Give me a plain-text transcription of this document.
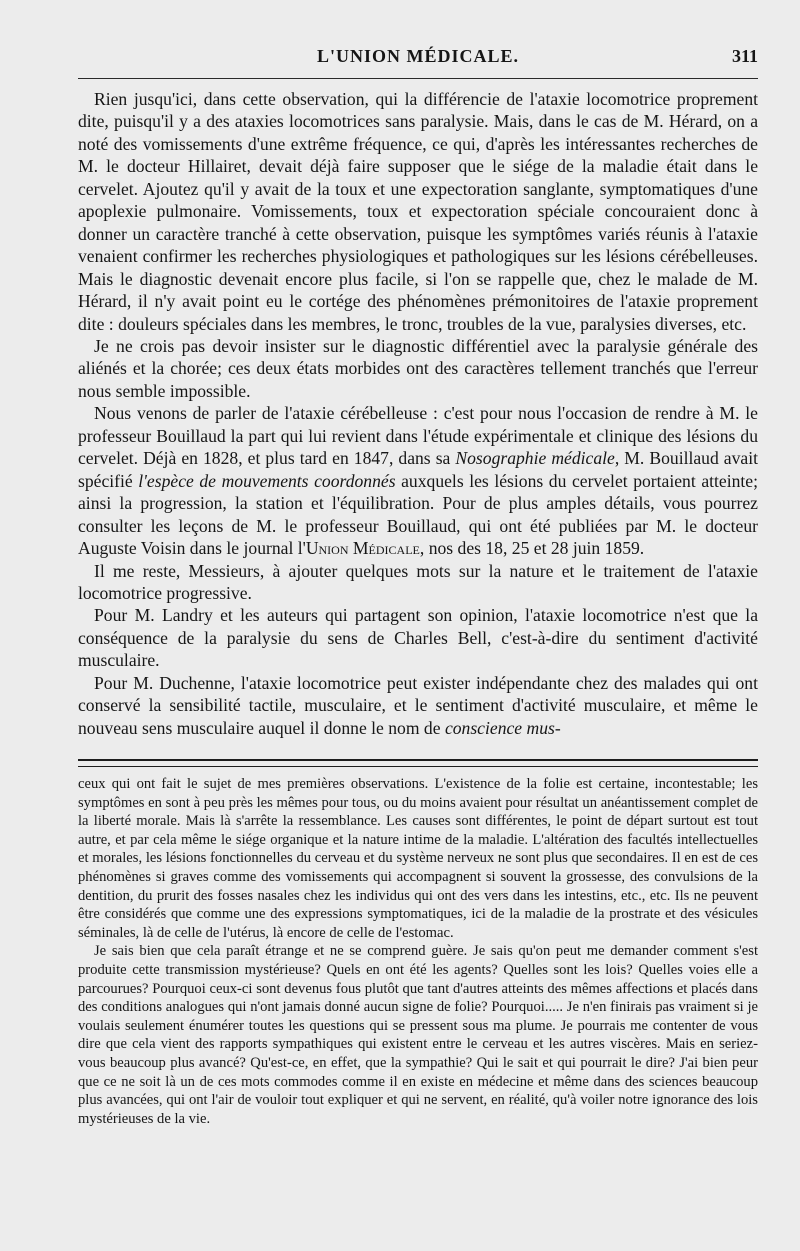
L'UNION MÉDICALE.	311

Rien jusqu'ici, dans cette observation, qui la différencie de l'ataxie locomotrice proprement dite, puisqu'il y a des ataxies locomotrices sans paralysie. Mais, dans le cas de M. Hérard, on a noté des vomissements d'une extrême fréquence, ce qui, d'après les intéressantes recherches de M. le docteur Hillairet, devait déjà faire supposer que le siége de la maladie était dans le cervelet. Ajoutez qu'il y avait de la toux et une expectoration sanglante, symptomatiques d'une apoplexie pulmonaire. Vomissements, toux et expectoration spéciale concouraient donc à donner un caractère tranché à cette observation, puisque les symptômes variés réunis à l'ataxie venaient confirmer les recherches physiologiques et pathologiques sur les lésions cérébelleuses. Mais le diagnostic devenait encore plus facile, si l'on se rappelle que, chez le malade de M. Hérard, il n'y avait point eu le cortége des phénomènes prémonitoires de l'ataxie proprement dite : douleurs spéciales dans les membres, le tronc, troubles de la vue, paralysies diverses, etc.

Je ne crois pas devoir insister sur le diagnostic différentiel avec la paralysie générale des aliénés et la chorée; ces deux états morbides ont des caractères tellement tranchés que l'erreur nous semble impossible.

Nous venons de parler de l'ataxie cérébelleuse : c'est pour nous l'occasion de rendre à M. le professeur Bouillaud la part qui lui revient dans l'étude expérimentale et clinique des lésions du cervelet. Déjà en 1828, et plus tard en 1847, dans sa Nosographie médicale, M. Bouillaud avait spécifié l'espèce de mouvements coordonnés auxquels les lésions du cervelet portaient atteinte; ainsi la progression, la station et l'équilibration. Pour de plus amples détails, vous pourrez consulter les leçons de M. le professeur Bouillaud, qui ont été publiées par M. le docteur Auguste Voisin dans le journal l'Union Médicale, nos des 18, 25 et 28 juin 1859.

Il me reste, Messieurs, à ajouter quelques mots sur la nature et le traitement de l'ataxie locomotrice progressive.

Pour M. Landry et les auteurs qui partagent son opinion, l'ataxie locomotrice n'est que la conséquence de la paralysie du sens de Charles Bell, c'est-à-dire du sentiment d'activité musculaire.

Pour M. Duchenne, l'ataxie locomotrice peut exister indépendante chez des malades qui ont conservé la sensibilité tactile, musculaire, et le sentiment d'activité musculaire, et même le nouveau sens musculaire auquel il donne le nom de conscience mus-

ceux qui ont fait le sujet de mes premières observations. L'existence de la folie est certaine, incontestable; les symptômes en sont à peu près les mêmes pour tous, ou du moins avaient pour résultat un anéantissement complet de la liberté morale. Mais là s'arrête la ressemblance. Les causes sont différentes, le point de départ surtout est tout autre, et par cela même le siége organique et la nature intime de la maladie. L'altération des facultés intellectuelles et morales, les lésions fonctionnelles du cerveau et du système nerveux ne sont plus que secondaires. Il en est de ces phénomènes si graves comme des vomissements qui accompagnent si souvent la grossesse, des convulsions de la dentition, du prurit des fosses nasales chez les individus qui ont des vers dans les intestins, etc., etc. Ils ne peuvent être considérés que comme une des expressions symptomatiques, ici de la maladie de la prostrate et des vésicules séminales, là de celle de l'utérus, là encore de celle de l'estomac.

Je sais bien que cela paraît étrange et ne se comprend guère. Je sais qu'on peut me demander comment s'est produite cette transmission mystérieuse? Quels en ont été les agents? Quelles sont les lois? Quelles voies elle a parcourues? Pourquoi ceux-ci sont devenus fous plutôt que tant d'autres atteints des mêmes affections et placés dans des conditions analogues qui n'ont jamais donné aucun signe de folie? Pourquoi..... Je n'en finirais pas vraiment si je voulais seulement énumérer toutes les questions qui se pressent sous ma plume. Je pourrais me contenter de vous dire que cela vient des rapports sympathiques qui existent entre le cerveau et les autres viscères. Mais en seriez-vous beaucoup plus avancé? Qu'est-ce, en effet, que la sympathie? Qui le sait et qui pourrait le dire? J'ai bien peur que ce ne soit là un de ces mots commodes comme il en existe en médecine et même dans des sciences beaucoup plus avancées, qui ont l'air de vouloir tout expliquer et qui ne servent, en réalité, qu'à voiler notre ignorance des lois mystérieuses de la vie.
